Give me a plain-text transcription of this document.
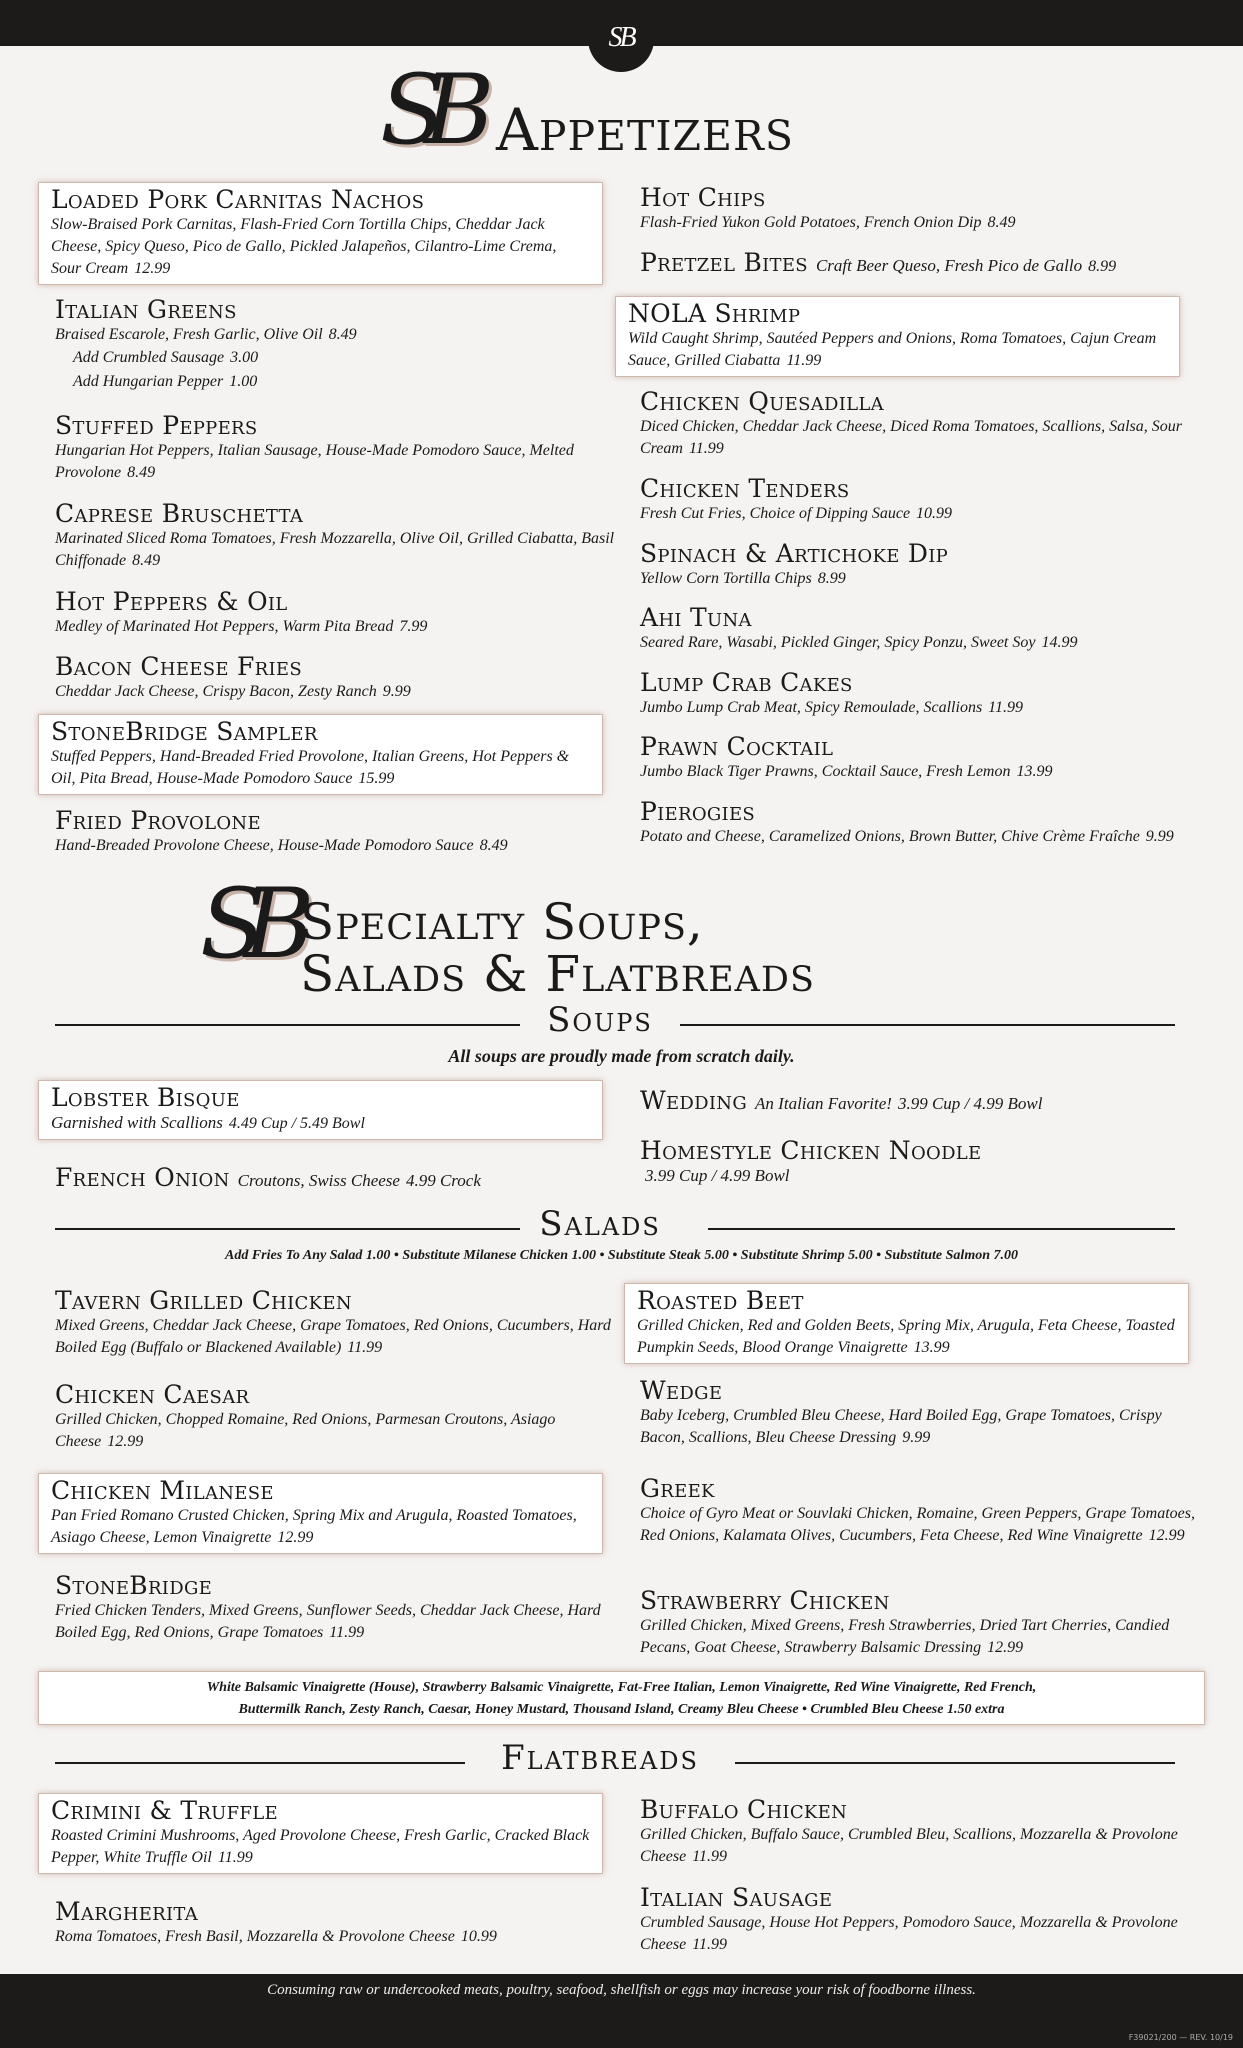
SB
SB Appetizers
Loaded Pork Carnitas Nachos
Slow-Braised Pork Carnitas, Flash-Fried Corn Tortilla Chips, Cheddar Jack Cheese, Spicy Queso, Pico de Gallo, Pickled Jalapeños, Cilantro-Lime Crema, Sour Cream 12.99
Italian Greens
Braised Escarole, Fresh Garlic, Olive Oil 8.49
Add Crumbled Sausage 3.00
Add Hungarian Pepper 1.00
Stuffed Peppers
Hungarian Hot Peppers, Italian Sausage, House-Made Pomodoro Sauce, Melted Provolone 8.49
Caprese Bruschetta
Marinated Sliced Roma Tomatoes, Fresh Mozzarella, Olive Oil, Grilled Ciabatta, Basil Chiffonade 8.49
Hot Peppers & Oil
Medley of Marinated Hot Peppers, Warm Pita Bread 7.99
Bacon Cheese Fries
Cheddar Jack Cheese, Crispy Bacon, Zesty Ranch 9.99
StoneBridge Sampler
Stuffed Peppers, Hand-Breaded Fried Provolone, Italian Greens, Hot Peppers & Oil, Pita Bread, House-Made Pomodoro Sauce 15.99
Fried Provolone
Hand-Breaded Provolone Cheese, House-Made Pomodoro Sauce 8.49
Hot Chips
Flash-Fried Yukon Gold Potatoes, French Onion Dip 8.49
Pretzel Bites Craft Beer Queso, Fresh Pico de Gallo 8.99
NOLA Shrimp
Wild Caught Shrimp, Sautéed Peppers and Onions, Roma Tomatoes, Cajun Cream Sauce, Grilled Ciabatta 11.99
Chicken Quesadilla
Diced Chicken, Cheddar Jack Cheese, Diced Roma Tomatoes, Scallions, Salsa, Sour Cream 11.99
Chicken Tenders
Fresh Cut Fries, Choice of Dipping Sauce 10.99
Spinach & Artichoke Dip
Yellow Corn Tortilla Chips 8.99
Ahi Tuna
Seared Rare, Wasabi, Pickled Ginger, Spicy Ponzu, Sweet Soy 14.99
Lump Crab Cakes
Jumbo Lump Crab Meat, Spicy Remoulade, Scallions 11.99
Prawn Cocktail
Jumbo Black Tiger Prawns, Cocktail Sauce, Fresh Lemon 13.99
Pierogies
Potato and Cheese, Caramelized Onions, Brown Butter, Chive Crème Fraîche 9.99
SB Specialty Soups,
Salads & Flatbreads
Soups
All soups are proudly made from scratch daily.
Lobster Bisque
Garnished with Scallions 4.49 Cup / 5.49 Bowl
French Onion Croutons, Swiss Cheese 4.99 Crock
Wedding An Italian Favorite! 3.99 Cup / 4.99 Bowl
Homestyle Chicken Noodle
3.99 Cup / 4.99 Bowl
Salads
Add Fries To Any Salad 1.00 • Substitute Milanese Chicken 1.00 • Substitute Steak 5.00 • Substitute Shrimp 5.00 • Substitute Salmon 7.00
Tavern Grilled Chicken
Mixed Greens, Cheddar Jack Cheese, Grape Tomatoes, Red Onions, Cucumbers, Hard Boiled Egg (Buffalo or Blackened Available) 11.99
Chicken Caesar
Grilled Chicken, Chopped Romaine, Red Onions, Parmesan Croutons, Asiago Cheese 12.99
Chicken Milanese
Pan Fried Romano Crusted Chicken, Spring Mix and Arugula, Roasted Tomatoes, Asiago Cheese, Lemon Vinaigrette 12.99
StoneBridge
Fried Chicken Tenders, Mixed Greens, Sunflower Seeds, Cheddar Jack Cheese, Hard Boiled Egg, Red Onions, Grape Tomatoes 11.99
Roasted Beet
Grilled Chicken, Red and Golden Beets, Spring Mix, Arugula, Feta Cheese, Toasted Pumpkin Seeds, Blood Orange Vinaigrette 13.99
Wedge
Baby Iceberg, Crumbled Bleu Cheese, Hard Boiled Egg, Grape Tomatoes, Crispy Bacon, Scallions, Bleu Cheese Dressing 9.99
Greek
Choice of Gyro Meat or Souvlaki Chicken, Romaine, Green Peppers, Grape Tomatoes, Red Onions, Kalamata Olives, Cucumbers, Feta Cheese, Red Wine Vinaigrette 12.99
Strawberry Chicken
Grilled Chicken, Mixed Greens, Fresh Strawberries, Dried Tart Cherries, Candied Pecans, Goat Cheese, Strawberry Balsamic Dressing 12.99
White Balsamic Vinaigrette (House), Strawberry Balsamic Vinaigrette, Fat-Free Italian, Lemon Vinaigrette, Red Wine Vinaigrette, Red French,
Buttermilk Ranch, Zesty Ranch, Caesar, Honey Mustard, Thousand Island, Creamy Bleu Cheese • Crumbled Bleu Cheese 1.50 extra
Flatbreads
Crimini & Truffle
Roasted Crimini Mushrooms, Aged Provolone Cheese, Fresh Garlic, Cracked Black Pepper, White Truffle Oil 11.99
Margherita
Roma Tomatoes, Fresh Basil, Mozzarella & Provolone Cheese 10.99
Buffalo Chicken
Grilled Chicken, Buffalo Sauce, Crumbled Bleu, Scallions, Mozzarella & Provolone Cheese 11.99
Italian Sausage
Crumbled Sausage, House Hot Peppers, Pomodoro Sauce, Mozzarella & Provolone Cheese 11.99
Consuming raw or undercooked meats, poultry, seafood, shellfish or eggs may increase your risk of foodborne illness.
F39021/200 — REV. 10/19
